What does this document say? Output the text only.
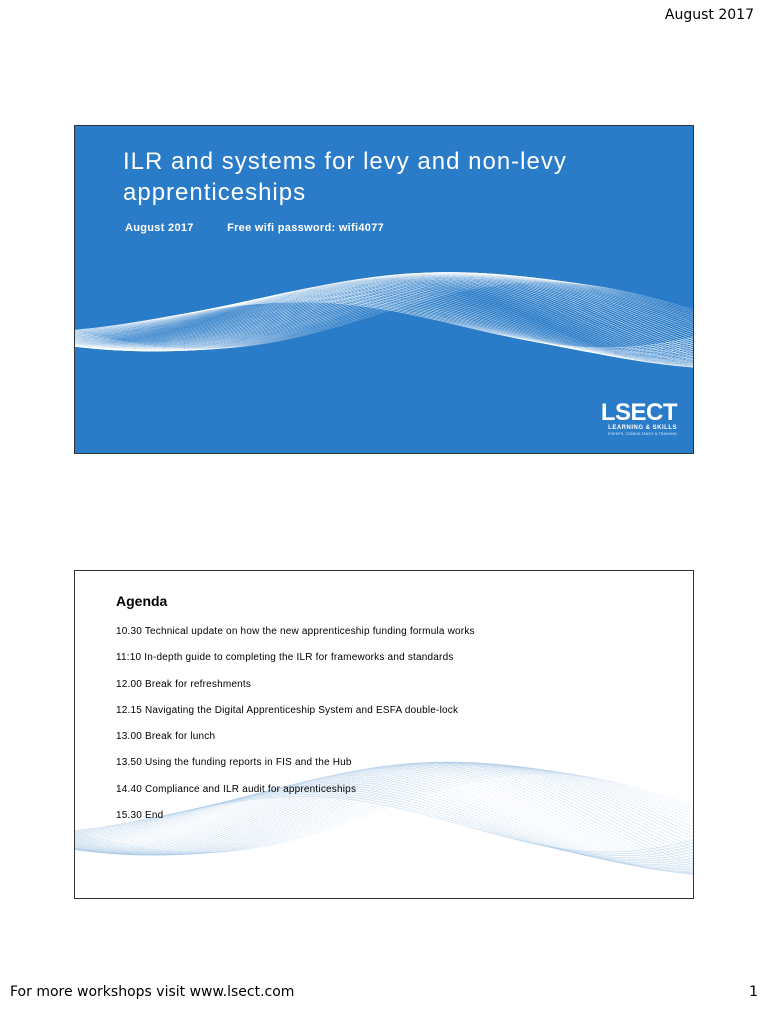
August 2017
ILR and systems for levy and non-levy apprenticeships
August 2017	Free wifi password: wifi4077
LSECT
LEARNING & SKILLS
EVENTS, CONSULTANCY & TRAINING
Agenda
10.30 Technical update on how the new apprenticeship funding formula works
11:10 In-depth guide to completing the ILR for frameworks and standards
12.00 Break for refreshments
12.15 Navigating the Digital Apprenticeship System and ESFA double-lock
13.00 Break for lunch
13.50 Using the funding reports in FIS and the Hub
14.40 Compliance and ILR audit for apprenticeships
15.30 End
For more workshops visit www.lsect.com	1
